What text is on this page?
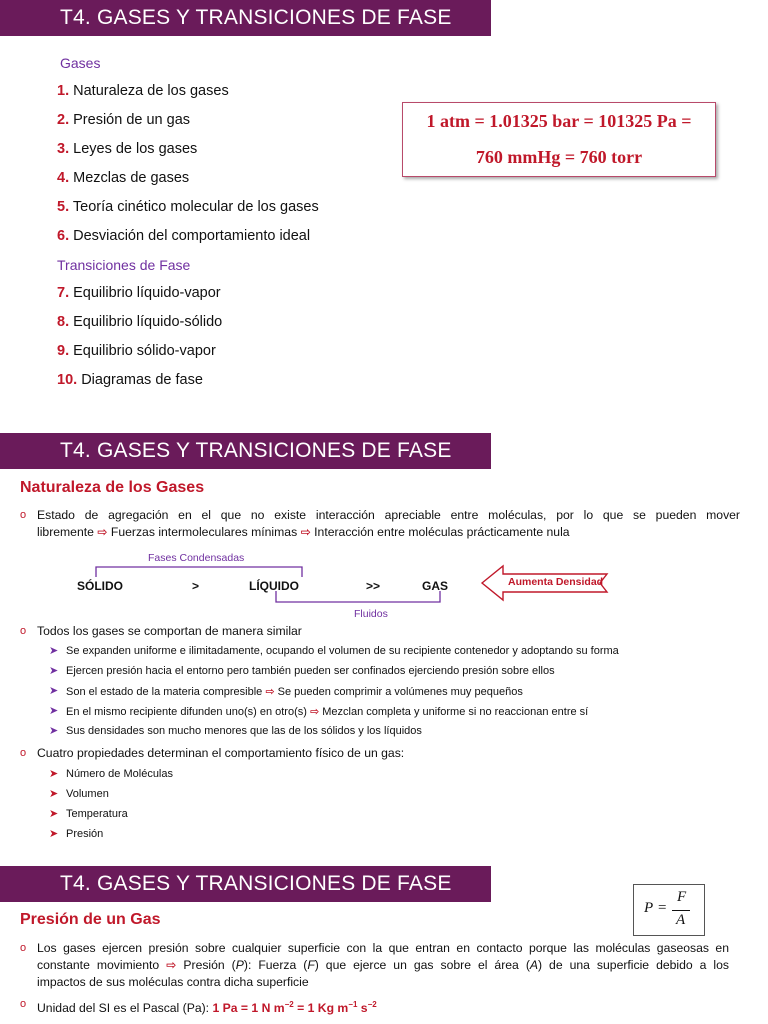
T4. GASES Y TRANSICIONES DE FASE
Gases
1. Naturaleza de los gases
2. Presión de un gas
3. Leyes de los gases
4. Mezclas de gases
5. Teoría cinético molecular de los gases
6. Desviación del comportamiento ideal
Transiciones de Fase
7. Equilibrio líquido-vapor
8. Equilibrio líquido-sólido
9. Equilibrio sólido-vapor
10. Diagramas de fase
1 atm = 1.01325 bar = 101325 Pa =
760 mmHg = 760 torr
T4. GASES Y TRANSICIONES DE FASE
Naturaleza de los Gases
o Estado de agregación en el que no existe interacción apreciable entre moléculas, por lo que se pueden mover
libremente ⇨ Fuerzas intermoleculares mínimas ⇨ Interacción entre moléculas prácticamente nula
Fases Condensadas
Fluidos
SÓLIDO	>	LÍQUIDO	>>	GAS	Aumenta Densidad
o Todos los gases se comportan de manera similar
➤ Se expanden uniforme e ilimitadamente, ocupando el volumen de su recipiente contenedor y adoptando su forma
➤ Ejercen presión hacia el entorno pero también pueden ser confinados ejerciendo presión sobre ellos
➤ Son el estado de la materia compresible ⇨ Se pueden comprimir a volúmenes muy pequeños
➤ En el mismo recipiente difunden uno(s) en otro(s) ⇨ Mezclan completa y uniforme si no reaccionan entre sí
➤ Sus densidades son mucho menores que las de los sólidos y los líquidos
o Cuatro propiedades determinan el comportamiento físico de un gas:
➤ Número de Moléculas
➤ Volumen
➤ Temperatura
➤ Presión
T4. GASES Y TRANSICIONES DE FASE
Presión de un Gas
P =
F
A
o Los gases ejercen presión sobre cualquier superficie con la que entran en contacto porque las moléculas gaseosas en
constante movimiento ⇨ Presión (P): Fuerza (F) que ejerce un gas sobre el área (A) de una superficie debido a los
impactos de sus moléculas contra dicha superficie
o Unidad del SI es el Pascal (Pa): 1 Pa = 1 N $m^{-2} = 1$ Kg $m^{-1}$ $s^{-2}$
